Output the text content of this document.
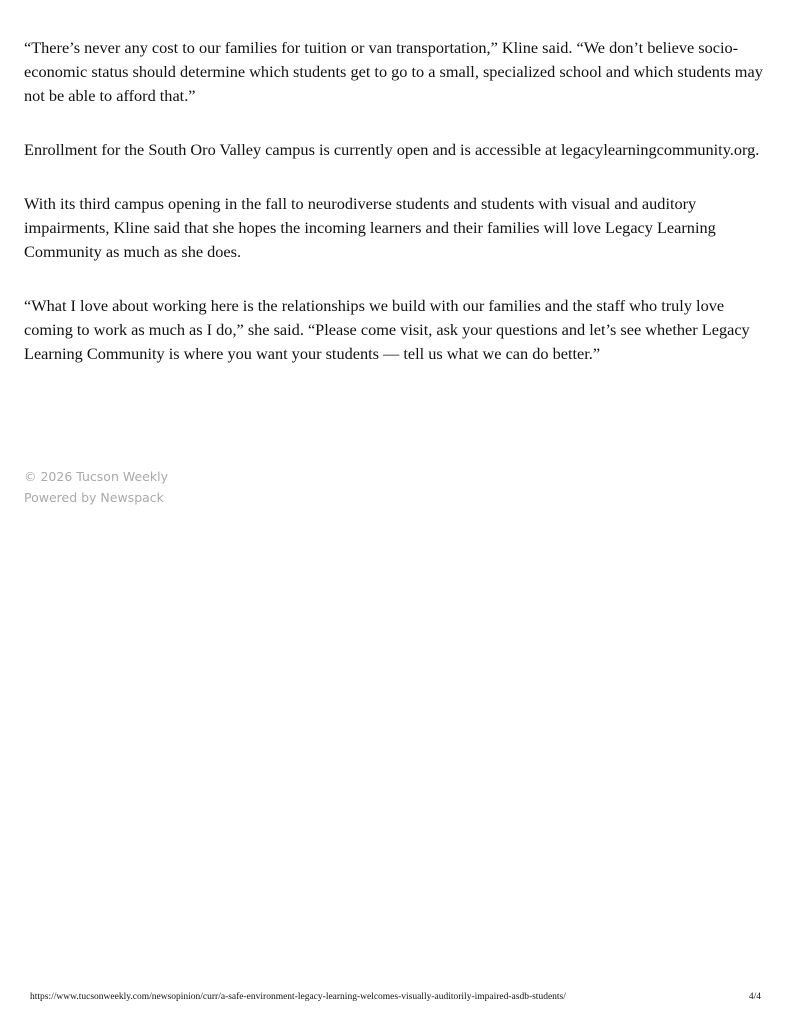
“There’s never any cost to our families for tuition or van transportation,” Kline said. “We don’t believe socio-economic status should determine which students get to go to a small, specialized school and which students may not be able to afford that.”

Enrollment for the South Oro Valley campus is currently open and is accessible at legacylearningcommunity.org.

With its third campus opening in the fall to neurodiverse students and students with visual and auditory impairments, Kline said that she hopes the incoming learners and their families will love Legacy Learning Community as much as she does.

“What I love about working here is the relationships we build with our families and the staff who truly love coming to work as much as I do,” she said. “Please come visit, ask your questions and let’s see whether Legacy Learning Community is where you want your students — tell us what we can do better.”

© 2026 Tucson Weekly
Powered by Newspack
https://www.tucsonweekly.com/newsopinion/curr/a-safe-environment-legacy-learning-welcomes-visually-auditorily-impaired-asdb-students/	4/4
